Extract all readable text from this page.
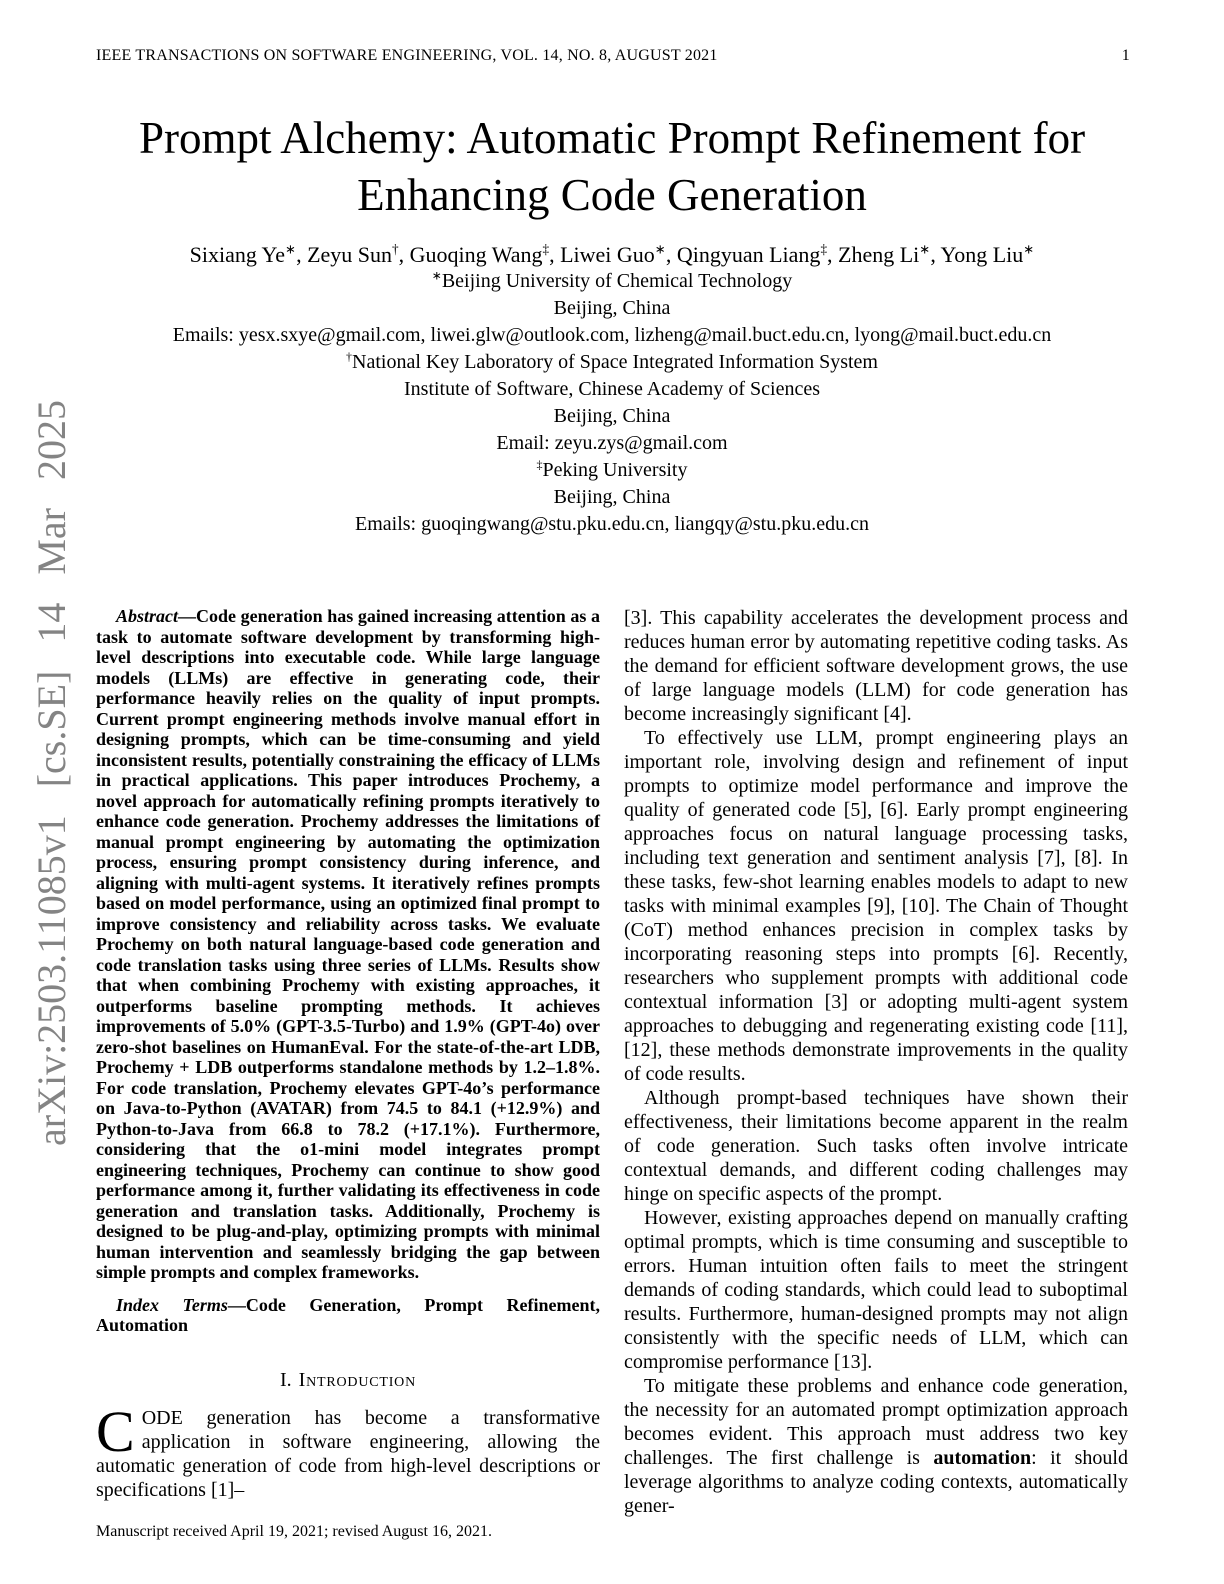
IEEE TRANSACTIONS ON SOFTWARE ENGINEERING, VOL. 14, NO. 8, AUGUST 2021	1
arXiv:2503.11085v1 [cs.SE] 14 Mar 2025
Prompt Alchemy: Automatic Prompt Refinement for
Enhancing Code Generation
Sixiang Ye∗, Zeyu Sun†, Guoqing Wang‡, Liwei Guo∗, Qingyuan Liang‡, Zheng Li∗, Yong Liu∗
∗Beijing University of Chemical Technology
Beijing, China
Emails: yesx.sxye@gmail.com, liwei.glw@outlook.com, lizheng@mail.buct.edu.cn, lyong@mail.buct.edu.cn
†National Key Laboratory of Space Integrated Information System
Institute of Software, Chinese Academy of Sciences
Beijing, China
Email: zeyu.zys@gmail.com
‡Peking University
Beijing, China
Emails: guoqingwang@stu.pku.edu.cn, liangqy@stu.pku.edu.cn

Abstract—Code generation has gained increasing attention as a task to automate software development by transforming high-level descriptions into executable code. While large language models (LLMs) are effective in generating code, their performance heavily relies on the quality of input prompts. Current prompt engineering methods involve manual effort in designing prompts, which can be time-consuming and yield inconsistent results, potentially constraining the efficacy of LLMs in practical applications. This paper introduces Prochemy, a novel approach for automatically refining prompts iteratively to enhance code generation. Prochemy addresses the limitations of manual prompt engineering by automating the optimization process, ensuring prompt consistency during inference, and aligning with multi-agent systems. It iteratively refines prompts based on model performance, using an optimized final prompt to improve consistency and reliability across tasks. We evaluate Prochemy on both natural language-based code generation and code translation tasks using three series of LLMs. Results show that when combining Prochemy with existing approaches, it outperforms baseline prompting methods. It achieves improvements of 5.0% (GPT-3.5-Turbo) and 1.9% (GPT-4o) over zero-shot baselines on HumanEval. For the state-of-the-art LDB, Prochemy + LDB outperforms standalone methods by 1.2–1.8%. For code translation, Prochemy elevates GPT-4o’s performance on Java-to-Python (AVATAR) from 74.5 to 84.1 (+12.9%) and Python-to-Java from 66.8 to 78.2 (+17.1%). Furthermore, considering that the o1-mini model integrates prompt engineering techniques, Prochemy can continue to show good performance among it, further validating its effectiveness in code generation and translation tasks. Additionally, Prochemy is designed to be plug-and-play, optimizing prompts with minimal human intervention and seamlessly bridging the gap between simple prompts and complex frameworks.

Index Terms—Code Generation, Prompt Refinement, Automation

I. Introduction

CODE generation has become a transformative application in software engineering, allowing the automatic generation of code from high-level descriptions or specifications [1]–

Manuscript received April 19, 2021; revised August 16, 2021.

[3]. This capability accelerates the development process and reduces human error by automating repetitive coding tasks. As the demand for efficient software development grows, the use of large language models (LLM) for code generation has become increasingly significant [4].

To effectively use LLM, prompt engineering plays an important role, involving design and refinement of input prompts to optimize model performance and improve the quality of generated code [5], [6]. Early prompt engineering approaches focus on natural language processing tasks, including text generation and sentiment analysis [7], [8]. In these tasks, few-shot learning enables models to adapt to new tasks with minimal examples [9], [10]. The Chain of Thought (CoT) method enhances precision in complex tasks by incorporating reasoning steps into prompts [6]. Recently, researchers who supplement prompts with additional code contextual information [3] or adopting multi-agent system approaches to debugging and regenerating existing code [11], [12], these methods demonstrate improvements in the quality of code results.

Although prompt-based techniques have shown their effectiveness, their limitations become apparent in the realm of code generation. Such tasks often involve intricate contextual demands, and different coding challenges may hinge on specific aspects of the prompt.

However, existing approaches depend on manually crafting optimal prompts, which is time consuming and susceptible to errors. Human intuition often fails to meet the stringent demands of coding standards, which could lead to suboptimal results. Furthermore, human-designed prompts may not align consistently with the specific needs of LLM, which can compromise performance [13].

To mitigate these problems and enhance code generation, the necessity for an automated prompt optimization approach becomes evident. This approach must address two key challenges. The first challenge is automation: it should leverage algorithms to analyze coding contexts, automatically gener-
